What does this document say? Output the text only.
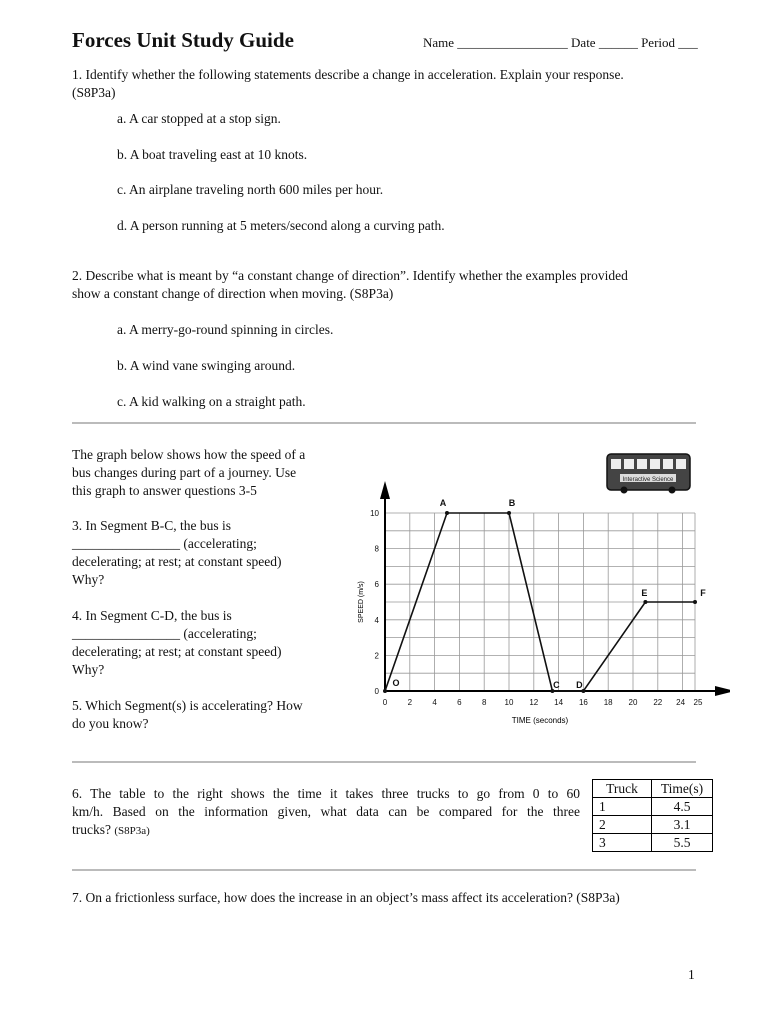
Forces Unit Study Guide	Name _________________ Date ______ Period ___
1. Identify whether the following statements describe a change in acceleration. Explain your response.
(S8P3a)
a. A car stopped at a stop sign.
b. A boat traveling east at 10 knots.
c. An airplane traveling north 600 miles per hour.
d. A person running at 5 meters/second along a curving path.
2. Describe what is meant by “a constant change of direction”. Identify whether the examples provided
show a constant change of direction when moving. (S8P3a)
a. A merry-go-round spinning in circles.
b. A wind vane swinging around.
c. A kid walking on a straight path.
The graph below shows how the speed of a
bus changes during part of a journey. Use
this graph to answer questions 3-5
3. In Segment B-C, the bus is
________________ (accelerating;
decelerating; at rest; at constant speed)
Why?
4. In Segment C-D, the bus is
________________ (accelerating;
decelerating; at rest; at constant speed)
Why?
5. Which Segment(s) is accelerating? How
do you know?
Interactive Science
0	2	4	6	8 10 12 14 16 18 20 22 24 25
0
2
4
6
8
10
O
A	B
C D
E	F
TIME (seconds)
SPEED (m/s)
6. The table to the right shows the time it takes three trucks to go from 0 to 60
km/h. Based on the information given, what data can be compared for the three
trucks? (S8P3a)
Truck	Time(s)
1	4.5
2	3.1
3	5.5
7. On a frictionless surface, how does the increase in an object’s mass affect its acceleration? (S8P3a)
1
